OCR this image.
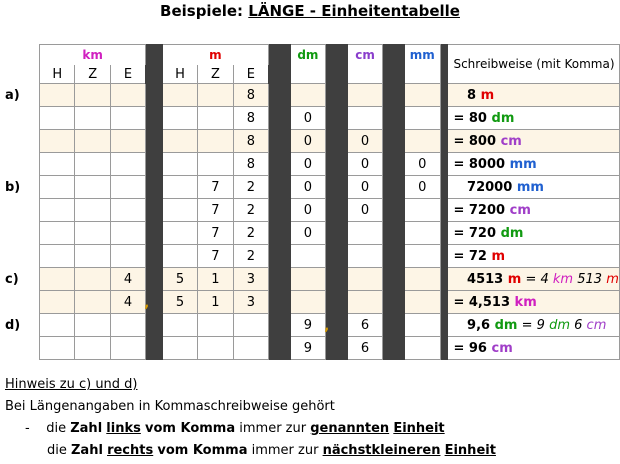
Beispiele: LÄNGE - Einheitentabelle
	km				m				dm		cm		mm		Schreibweise (mit Komma)
	H	Z	E		H	Z	E								
a)							8								8 m
							8		0						= 80 dm
							8		0		0				= 800 cm
							8		0		0		0		= 8000 mm
b)						7	2		0		0		0		72000 mm
						7	2		0		0				= 7200 cm
						7	2		0						= 720 dm
						7	2								= 72 m
c)			4		5	1	3								4513 m = 4 km 513 m
			4 ,		5	1	3								= 4,513 km
d)									9 ,		6				9,6 dm = 9 dm 6 cm
									9		6				= 96 cm
Hinweis zu c) und d)
Bei Längenangaben in Kommaschreibweise gehört
- die Zahl links vom Komma immer zur genannten Einheit
die Zahl rechts vom Komma immer zur nächstkleineren Einheit
